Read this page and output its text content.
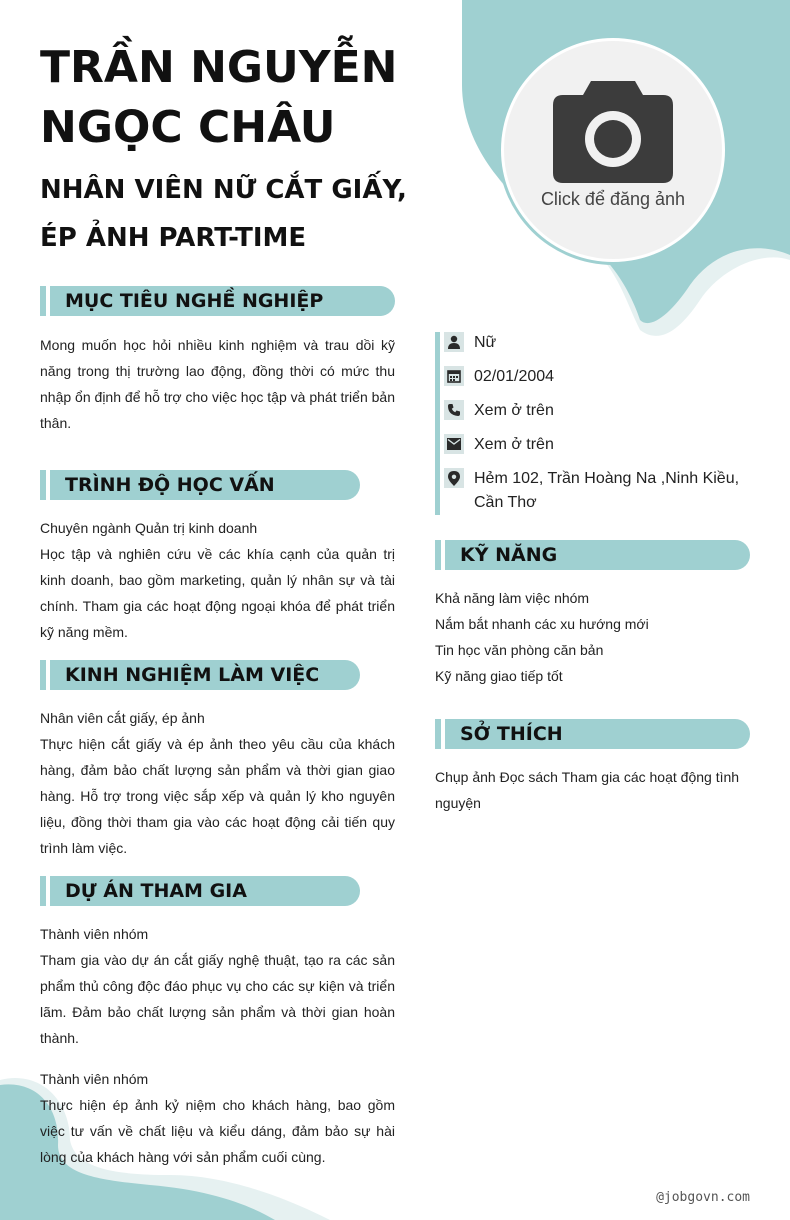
TRẦN NGUYỄN NGỌC CHÂU
NHÂN VIÊN NỮ CẮT GIẤY, ÉP ẢNH PART-TIME
Click để đăng ảnh
MỤC TIÊU NGHỀ NGHIỆP

Mong muốn học hỏi nhiều kinh nghiệm và trau dồi kỹ năng trong thị trường lao động, đồng thời có mức thu nhập ổn định để hỗ trợ cho việc học tập và phát triển bản thân.

TRÌNH ĐỘ HỌC VẤN
Chuyên ngành Quản trị kinh doanh

Học tập và nghiên cứu về các khía cạnh của quản trị kinh doanh, bao gồm marketing, quản lý nhân sự và tài chính. Tham gia các hoạt động ngoại khóa để phát triển kỹ năng mềm.

KINH NGHIỆM LÀM VIỆC
Nhân viên cắt giấy, ép ảnh

Thực hiện cắt giấy và ép ảnh theo yêu cầu của khách hàng, đảm bảo chất lượng sản phẩm và thời gian giao hàng. Hỗ trợ trong việc sắp xếp và quản lý kho nguyên liệu, đồng thời tham gia vào các hoạt động cải tiến quy trình làm việc.

DỰ ÁN THAM GIA
Thành viên nhóm

Tham gia vào dự án cắt giấy nghệ thuật, tạo ra các sản phẩm thủ công độc đáo phục vụ cho các sự kiện và triển lãm. Đảm bảo chất lượng sản phẩm và thời gian hoàn thành.

Thành viên nhóm

Thực hiện ép ảnh kỷ niệm cho khách hàng, bao gồm việc tư vấn về chất liệu và kiểu dáng, đảm bảo sự hài lòng của khách hàng với sản phẩm cuối cùng.

Nữ
02/01/2004
Xem ở trên
Xem ở trên
Hẻm 102, Trần Hoàng Na ,Ninh Kiều, Cần Thơ
KỸ NĂNG
Khả năng làm việc nhóm
Nắm bắt nhanh các xu hướng mới
Tin học văn phòng căn bản
Kỹ năng giao tiếp tốt
SỞ THÍCH

Chụp ảnh Đọc sách Tham gia các hoạt động tình nguyện

@jobgovn.com
